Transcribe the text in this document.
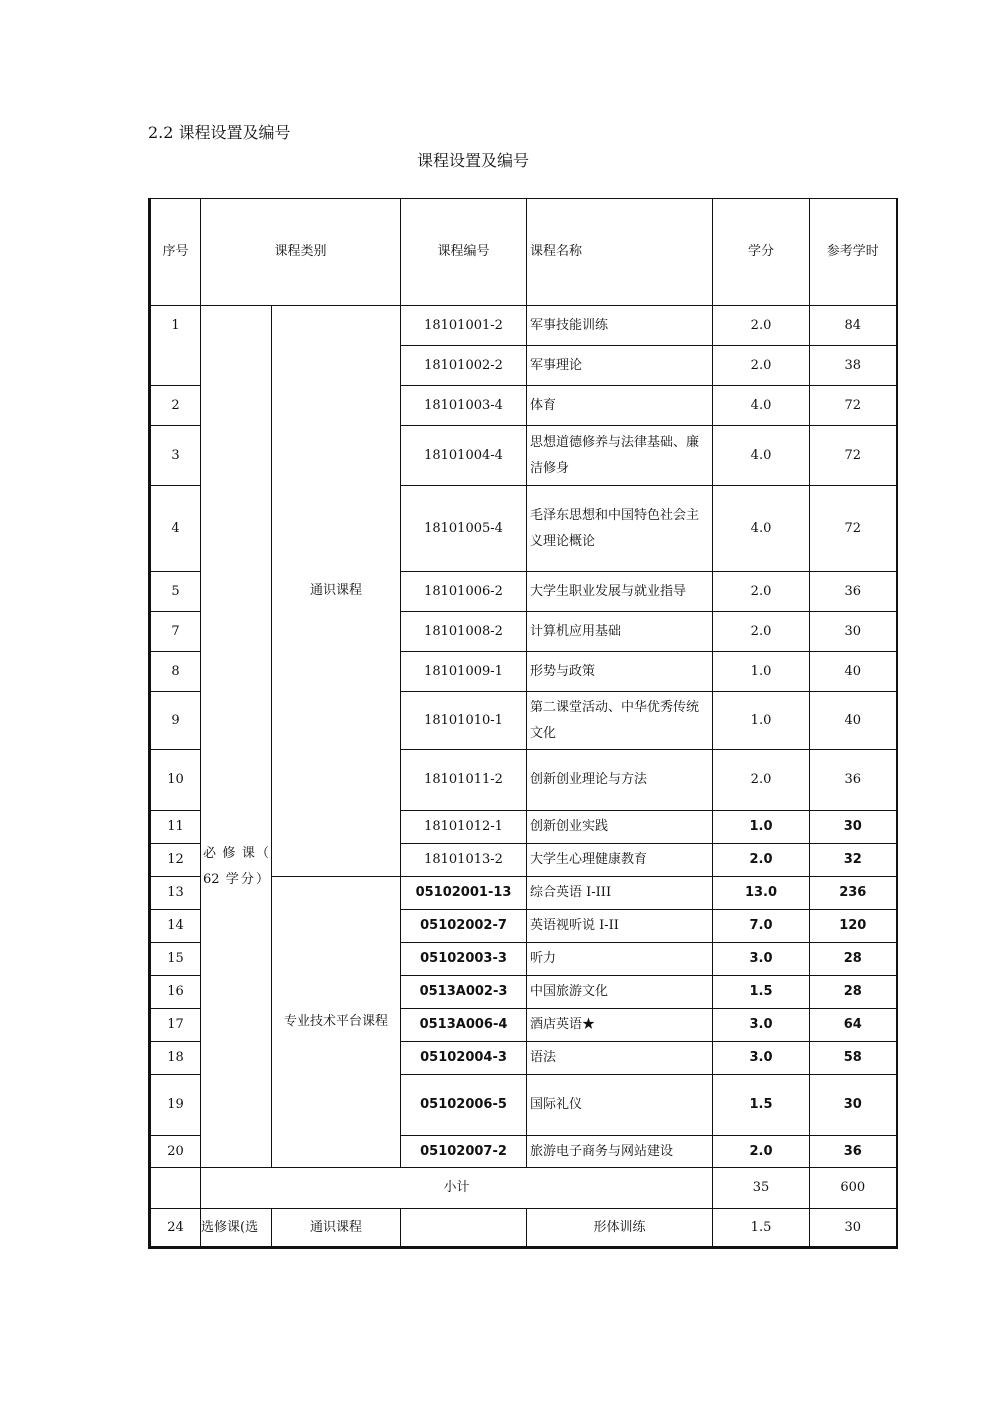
2.2 课程设置及编号
课程设置及编号
序号	课程类别		课程编号	课程名称	学分	参考学时
1	必 修 课（ 62 学分）	通识课程	18101001-2	军事技能训练	2.0	84
			18101002-2	军事理论	2.0	38
2			18101003-4	体育	4.0	72
3			18101004-4	思想道德修养与法律基础、廉洁修身	4.0	72
4			18101005-4	毛泽东思想和中国特色社会主义理论概论	4.0	72
5			18101006-2	大学生职业发展与就业指导	2.0	36
7			18101008-2	计算机应用基础	2.0	30
8			18101009-1	形势与政策	1.0	40
9			18101010-1	第二课堂活动、中华优秀传统文化	1.0	40
10			18101011-2	创新创业理论与方法	2.0	36
11			18101012-1	创新创业实践	1.0	30
12			18101013-2	大学生心理健康教育	2.0	32
13		专业技术平台课程	05102001-13	综合英语 I-III	13.0	236
14			05102002-7	英语视听说 I-II	7.0	120
15			05102003-3	听力	3.0	28
16			0513A002-3	中国旅游文化	1.5	28
17			0513A006-4	酒店英语★	3.0	64
18			05102004-3	语法	3.0	58
19			05102006-5	国际礼仪	1.5	30
20			05102007-2	旅游电子商务与网站建设	2.0	36
	小计				35	600
24	选修课(选	通识课程		形体训练	1.5	30
